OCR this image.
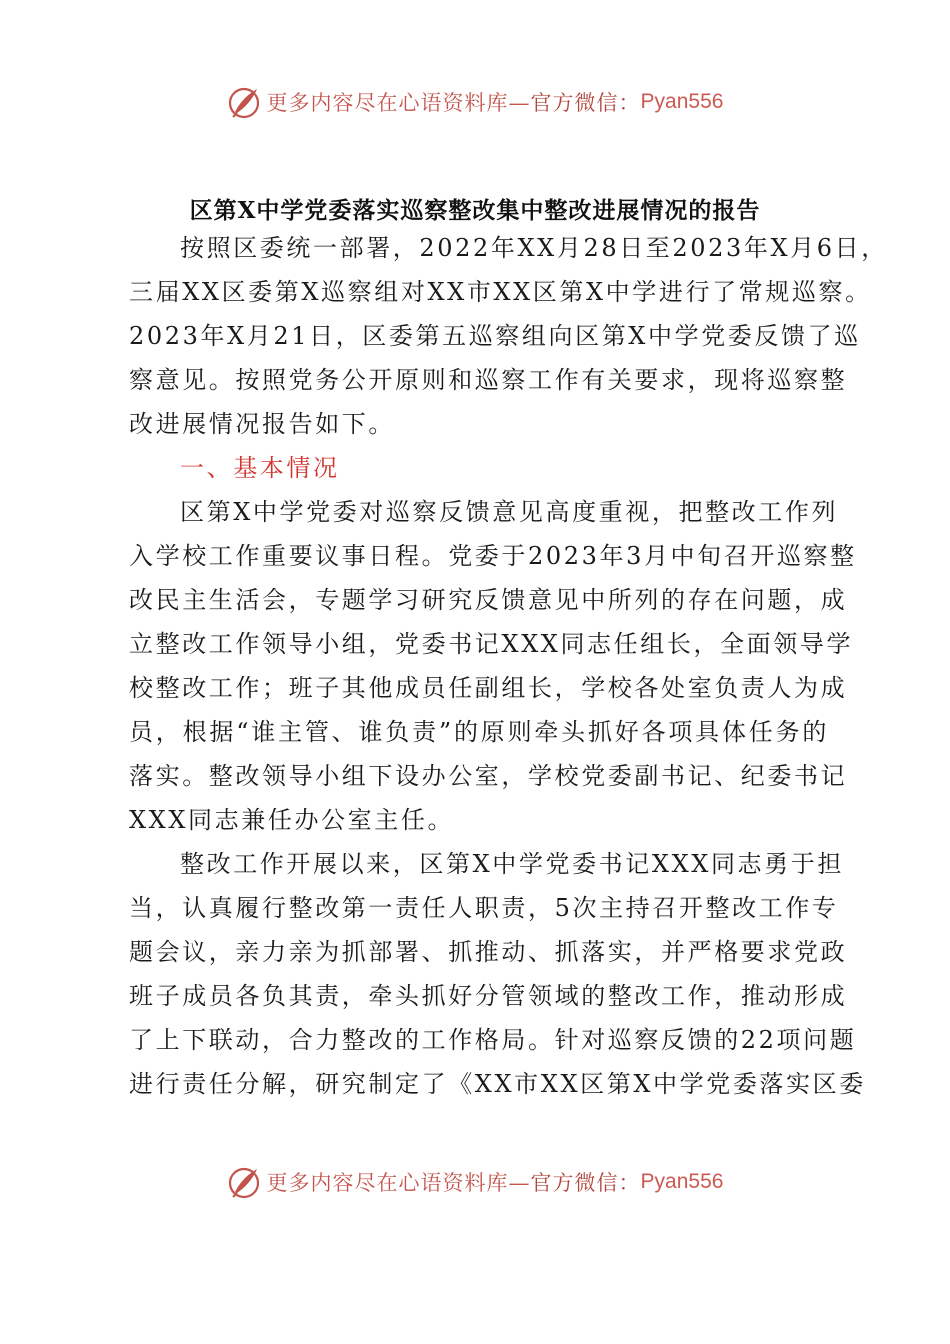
更多内容尽在心语资料库— 官方微信： Pyan556
区第X中学党委落实巡察整改集中整改进展情况的报告
按照区委统一部署，2022年XX月28日至2023年X月6日，
三届XX区委第X巡察组对XX市XX区第X中学进行了常规巡察。
2023年X月21日，区委第五巡察组向区第X中学党委反馈了巡
察意见。按照党务公开原则和巡察工作有关要求，现将巡察整
改进展情况报告如下。
一、基本情况
区第X中学党委对巡察反馈意见高度重视，把整改工作列
入学校工作重要议事日程。党委于2023年3月中旬召开巡察整
改民主生活会，专题学习研究反馈意见中所列的存在问题，成
立整改工作领导小组，党委书记XXX同志任组长，全面领导学
校整改工作；班子其他成员任副组长，学校各处室负责人为成
员，根据“谁主管、谁负责”的原则牵头抓好各项具体任务的
落实。整改领导小组下设办公室，学校党委副书记、纪委书记
XXX同志兼任办公室主任。
整改工作开展以来，区第X中学党委书记XXX同志勇于担
当，认真履行整改第一责任人职责，5次主持召开整改工作专
题会议，亲力亲为抓部署、抓推动、抓落实，并严格要求党政
班子成员各负其责，牵头抓好分管领域的整改工作，推动形成
了上下联动，合力整改的工作格局。针对巡察反馈的22项问题
进行责任分解，研究制定了《XX市XX区第X中学党委落实区委
更多内容尽在心语资料库— 官方微信： Pyan556
